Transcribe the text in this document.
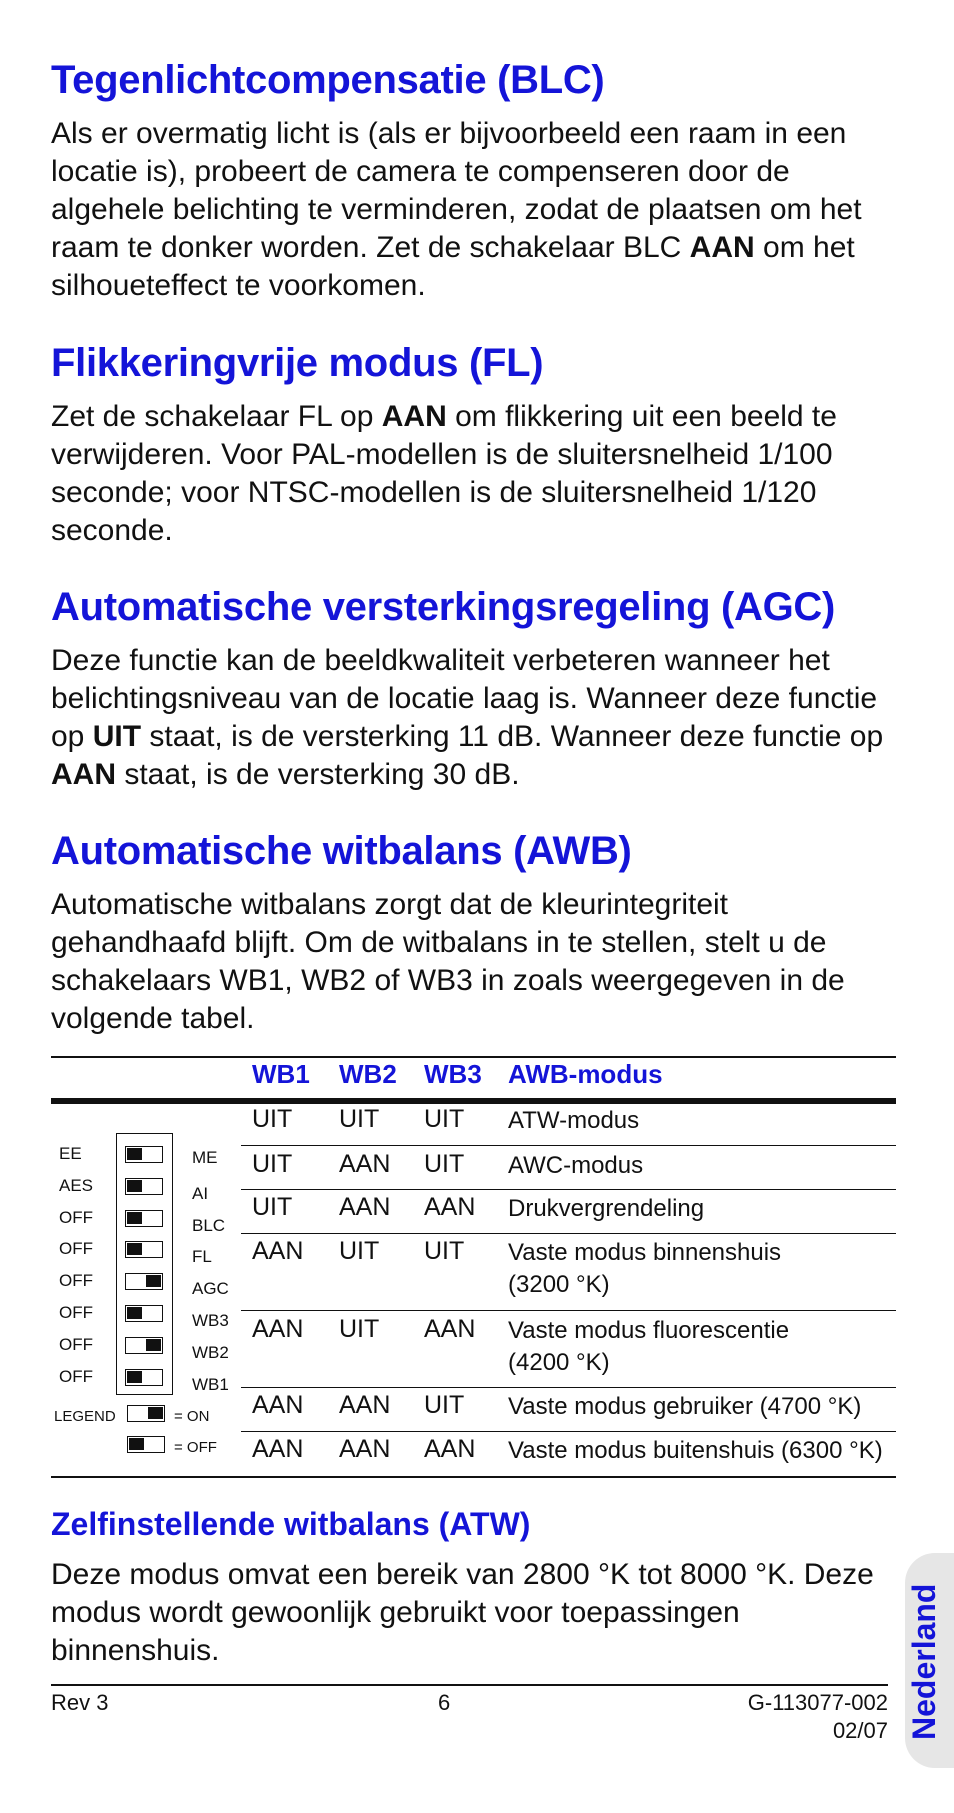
Tegenlichtcompensatie (BLC)

Als er overmatig licht is (als er bijvoorbeeld een raam in een locatie is), probeert de camera te compenseren door de algehele belichting te verminderen, zodat de plaatsen om het raam te donker worden. Zet de schakelaar BLC AAN om het silhoueteffect te voorkomen.

Flikkeringvrije modus (FL)

Zet de schakelaar FL op AAN om flikkering uit een beeld te verwijderen. Voor PAL-modellen is de sluitersnelheid 1/100 seconde; voor NTSC-modellen is de sluitersnelheid 1/120 seconde.

Automatische versterkingsregeling (AGC)

Deze functie kan de beeldkwaliteit verbeteren wanneer het belichtingsniveau van de locatie laag is. Wanneer deze functie op UIT staat, is de versterking 11 dB. Wanneer deze functie op AAN staat, is de versterking 30 dB.

Automatische witbalans (AWB)

Automatische witbalans zorgt dat de kleurintegriteit gehandhaafd blijft. Om de witbalans in te stellen, stelt u de schakelaars WB1, WB2 of WB3 in zoals weergegeven in de volgende tabel.

WB1 WB2 WB3 AWB-modus
UIT UIT UIT ATW-modus
UIT AAN UIT AWC-modus
UIT AAN AAN Drukvergrendeling
AAN UIT UIT Vaste modus binnenshuis
(3200 °K)
AAN UIT AAN Vaste modus fluorescentie
(4200 °K)
AAN AAN UIT Vaste modus gebruiker (4700 °K)
AAN AAN AAN Vaste modus buitenshuis (6300 °K)
EE	ME
AES	AI
OFF	BLC
OFF	FL
OFF	AGC
OFF	WB3
OFF	WB2
OFF	WB1
LEGEND	= ON
= OFF
Zelfinstellende witbalans (ATW)

Deze modus omvat een bereik van 2800 °K tot 8000 °K. Deze modus wordt gewoonlijk gebruikt voor toepassingen binnenshuis.

Rev 3	6	G-113077-002
02/07 Nederland
